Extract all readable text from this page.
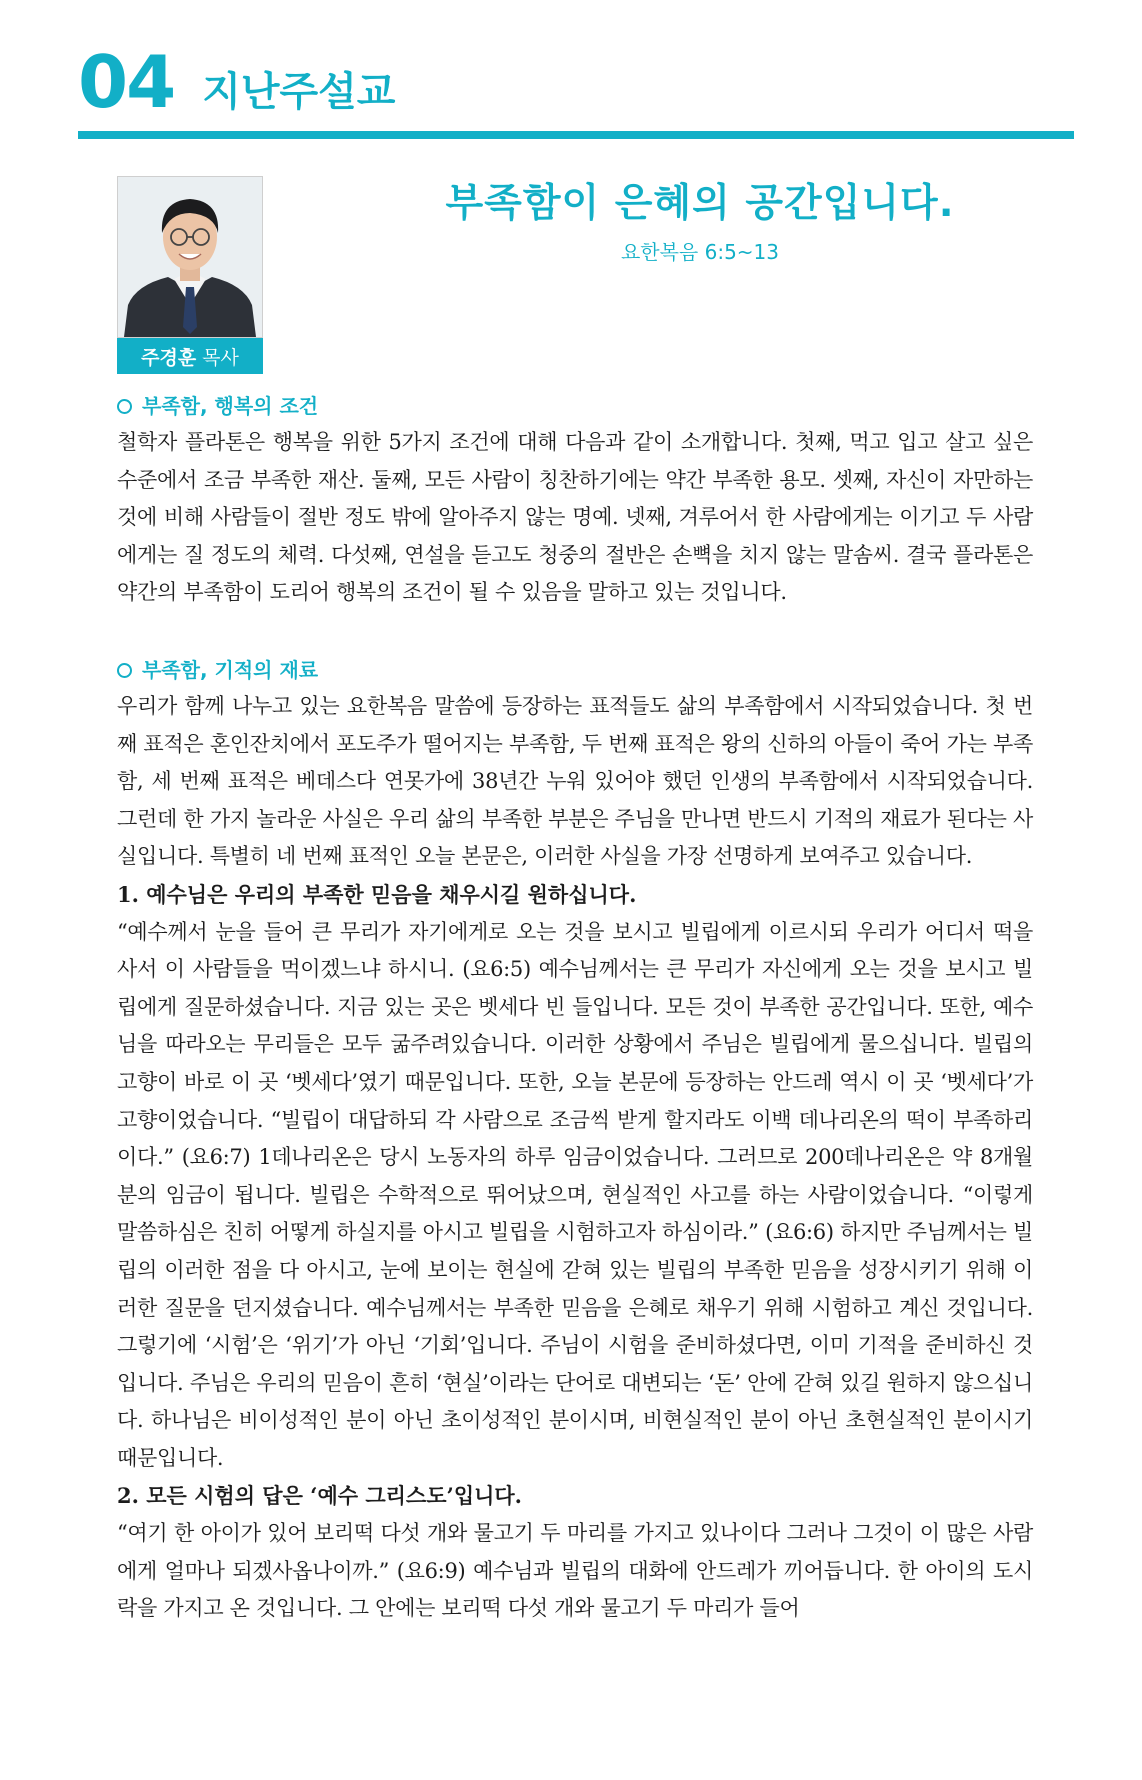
04 지난주설교
주경훈 목사
부족함이 은혜의 공간입니다.
요한복음 6:5~13
부족함, 행복의 조건

철학자 플라톤은 행복을 위한 5가지 조건에 대해 다음과 같이 소개합니다. 첫째, 먹고 입고 살고 싶은 수준에서 조금 부족한 재산. 둘째, 모든 사람이 칭찬하기에는 약간 부족한 용모. 셋째, 자신이 자만하는 것에 비해 사람들이 절반 정도 밖에 알아주지 않는 명예. 넷째, 겨루어서 한 사람에게는 이기고 두 사람에게는 질 정도의 체력. 다섯째, 연설을 듣고도 청중의 절반은 손뼉을 치지 않는 말솜씨. 결국 플라톤은 약간의 부족함이 도리어 행복의 조건이 될 수 있음을 말하고 있는 것입니다.

부족함, 기적의 재료

우리가 함께 나누고 있는 요한복음 말씀에 등장하는 표적들도 삶의 부족함에서 시작되었습니다. 첫 번째 표적은 혼인잔치에서 포도주가 떨어지는 부족함, 두 번째 표적은 왕의 신하의 아들이 죽어 가는 부족함, 세 번째 표적은 베데스다 연못가에 38년간 누워 있어야 했던 인생의 부족함에서 시작되었습니다. 그런데 한 가지 놀라운 사실은 우리 삶의 부족한 부분은 주님을 만나면 반드시 기적의 재료가 된다는 사실입니다. 특별히 네 번째 표적인 오늘 본문은, 이러한 사실을 가장 선명하게 보여주고 있습니다.

1. 예수님은 우리의 부족한 믿음을 채우시길 원하십니다.

“예수께서 눈을 들어 큰 무리가 자기에게로 오는 것을 보시고 빌립에게 이르시되 우리가 어디서 떡을 사서 이 사람들을 먹이겠느냐 하시니. (요6:5) 예수님께서는 큰 무리가 자신에게 오는 것을 보시고 빌립에게 질문하셨습니다. 지금 있는 곳은 벳세다 빈 들입니다. 모든 것이 부족한 공간입니다. 또한, 예수님을 따라오는 무리들은 모두 굶주려있습니다. 이러한 상황에서 주님은 빌립에게 물으십니다. 빌립의 고향이 바로 이 곳 ‘벳세다’였기 때문입니다. 또한, 오늘 본문에 등장하는 안드레 역시 이 곳 ‘벳세다’가 고향이었습니다. “빌립이 대답하되 각 사람으로 조금씩 받게 할지라도 이백 데나리온의 떡이 부족하리이다.” (요6:7) 1데나리온은 당시 노동자의 하루 임금이었습니다. 그러므로 200데나리온은 약 8개월분의 임금이 됩니다. 빌립은 수학적으로 뛰어났으며, 현실적인 사고를 하는 사람이었습니다. “이렇게 말씀하심은 친히 어떻게 하실지를 아시고 빌립을 시험하고자 하심이라.” (요6:6) 하지만 주님께서는 빌립의 이러한 점을 다 아시고, 눈에 보이는 현실에 갇혀 있는 빌립의 부족한 믿음을 성장시키기 위해 이러한 질문을 던지셨습니다. 예수님께서는 부족한 믿음을 은혜로 채우기 위해 시험하고 계신 것입니다. 그렇기에 ‘시험’은 ‘위기’가 아닌 ‘기회’입니다. 주님이 시험을 준비하셨다면, 이미 기적을 준비하신 것입니다. 주님은 우리의 믿음이 흔히 ‘현실’이라는 단어로 대변되는 ‘돈’ 안에 갇혀 있길 원하지 않으십니다. 하나님은 비이성적인 분이 아닌 초이성적인 분이시며, 비현실적인 분이 아닌 초현실적인 분이시기 때문입니다.

2. 모든 시험의 답은 ‘예수 그리스도’입니다.

“여기 한 아이가 있어 보리떡 다섯 개와 물고기 두 마리를 가지고 있나이다 그러나 그것이 이 많은 사람에게 얼마나 되겠사옵나이까.” (요6:9) 예수님과 빌립의 대화에 안드레가 끼어듭니다. 한 아이의 도시락을 가지고 온 것입니다. 그 안에는 보리떡 다섯 개와 물고기 두 마리가 들어
